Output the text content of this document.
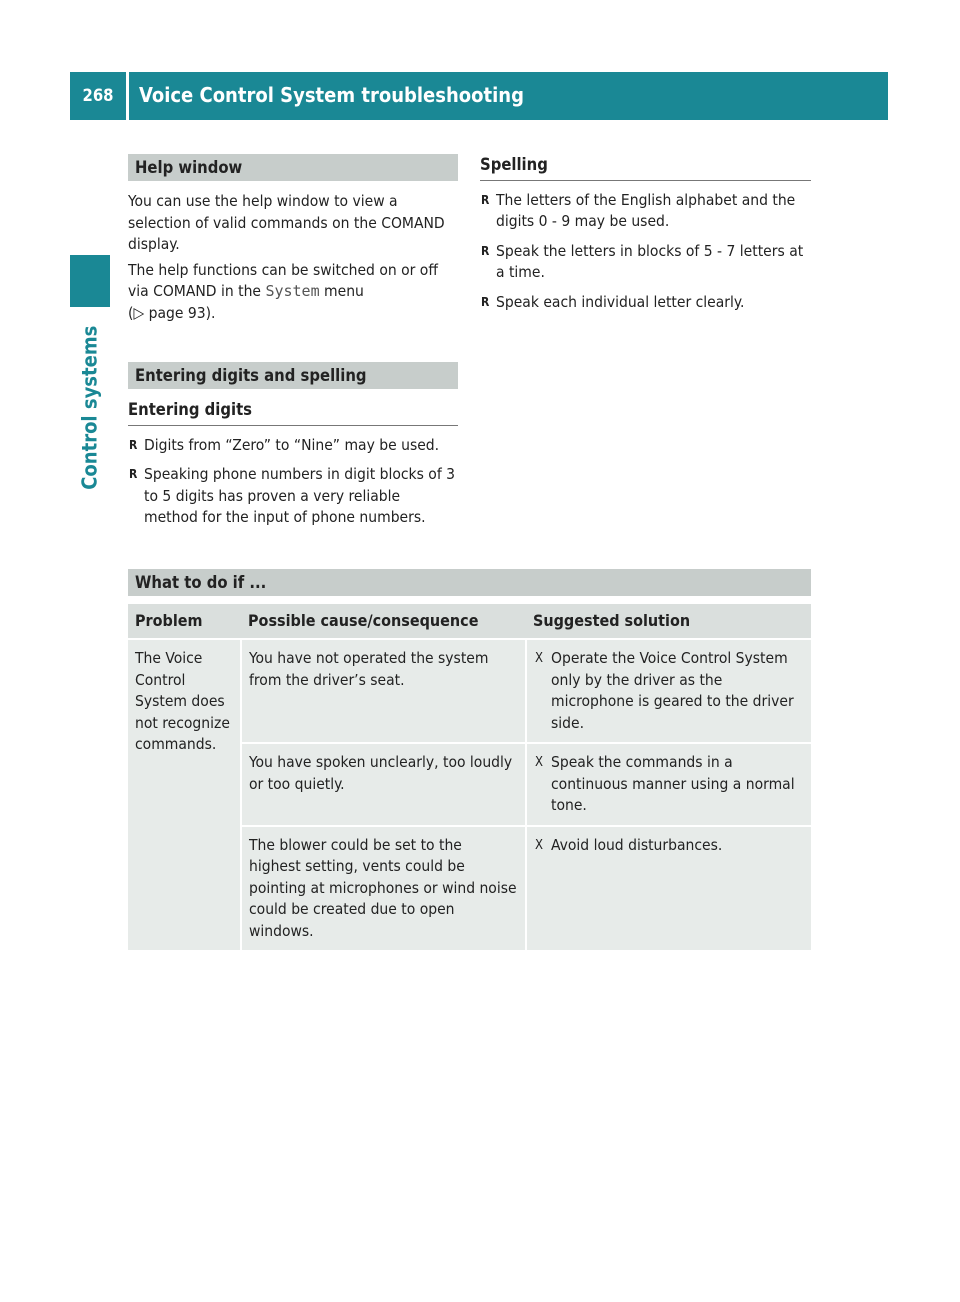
268	Voice Control System troubleshooting
Control systems
Help window

You can use the help window to view a selection of valid commands on the COMAND display.

The help functions can be switched on or off via COMAND in the System menu
(▷ page 93).

Entering digits and spelling
Entering digits
R Digits from “Zero” to “Nine” may be used.
R Speaking phone numbers in digit blocks of 3 to 5 digits has proven a very reliable method for the input of phone numbers.
Spelling
R The letters of the English alphabet and the digits 0 - 9 may be used.
R Speak the letters in blocks of 5 - 7 letters at a time.
R Speak each individual letter clearly.
What to do if ...
Problem	Possible cause/consequence	Suggested solution
The Voice Control System does not recognize commands.	You have not operated the system from the driver’s seat.	X Operate the Voice Control System only by the driver as the microphone is geared to the driver side.

	You have spoken unclearly, too loudly or too quietly.	X Speak the commands in a continuous manner using a normal tone.

	The blower could be set to the highest setting, vents could be pointing at microphones or wind noise could be created due to open windows.	X Avoid loud disturbances.
